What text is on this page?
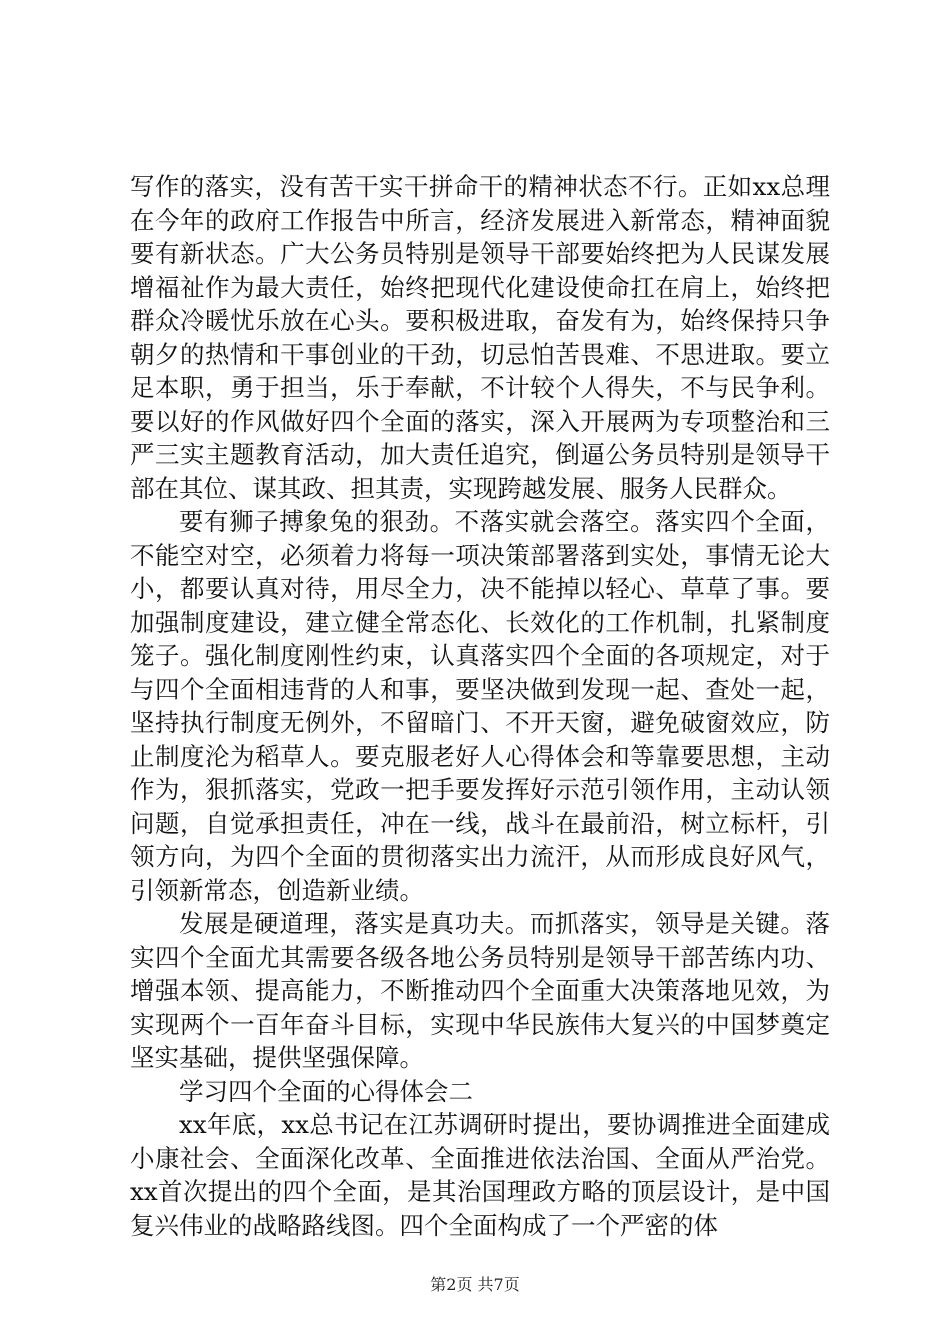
写作的落实，没有苦干实干拼命干的精神状态不行。正如xx总理在今年的政府工作报告中所言，经济发展进入新常态，精神面貌要有新状态。广大公务员特别是领导干部要始终把为人民谋发展增福祉作为最大责任，始终把现代化建设使命扛在肩上，始终把群众冷暖忧乐放在心头。要积极进取，奋发有为，始终保持只争朝夕的热情和干事创业的干劲，切忌怕苦畏难、不思进取。要立足本职，勇于担当，乐于奉献，不计较个人得失，不与民争利。要以好的作风做好四个全面的落实，深入开展两为专项整治和三严三实主题教育活动，加大责任追究，倒逼公务员特别是领导干部在其位、谋其政、担其责，实现跨越发展、服务人民群众。

要有狮子搏象兔的狠劲。不落实就会落空。落实四个全面，不能空对空，必须着力将每一项决策部署落到实处，事情无论大小，都要认真对待，用尽全力，决不能掉以轻心、草草了事。要加强制度建设，建立健全常态化、长效化的工作机制，扎紧制度笼子。强化制度刚性约束，认真落实四个全面的各项规定，对于与四个全面相违背的人和事，要坚决做到发现一起、查处一起，坚持执行制度无例外，不留暗门、不开天窗，避免破窗效应，防止制度沦为稻草人。要克服老好人心得体会和等靠要思想，主动作为，狠抓落实，党政一把手要发挥好示范引领作用，主动认领问题，自觉承担责任，冲在一线，战斗在最前沿，树立标杆，引领方向，为四个全面的贯彻落实出力流汗，从而形成良好风气，引领新常态，创造新业绩。

发展是硬道理，落实是真功夫。而抓落实，领导是关键。落实四个全面尤其需要各级各地公务员特别是领导干部苦练内功、增强本领、提高能力，不断推动四个全面重大决策落地见效，为实现两个一百年奋斗目标，实现中华民族伟大复兴的中国梦奠定坚实基础，提供坚强保障。

学习四个全面的心得体会二

xx年底，xx总书记在江苏调研时提出，要协调推进全面建成小康社会、全面深化改革、全面推进依法治国、全面从严治党。xx首次提出的四个全面，是其治国理政方略的顶层设计，是中国复兴伟业的战略路线图。四个全面构成了一个严密的体

第2页 共7页
